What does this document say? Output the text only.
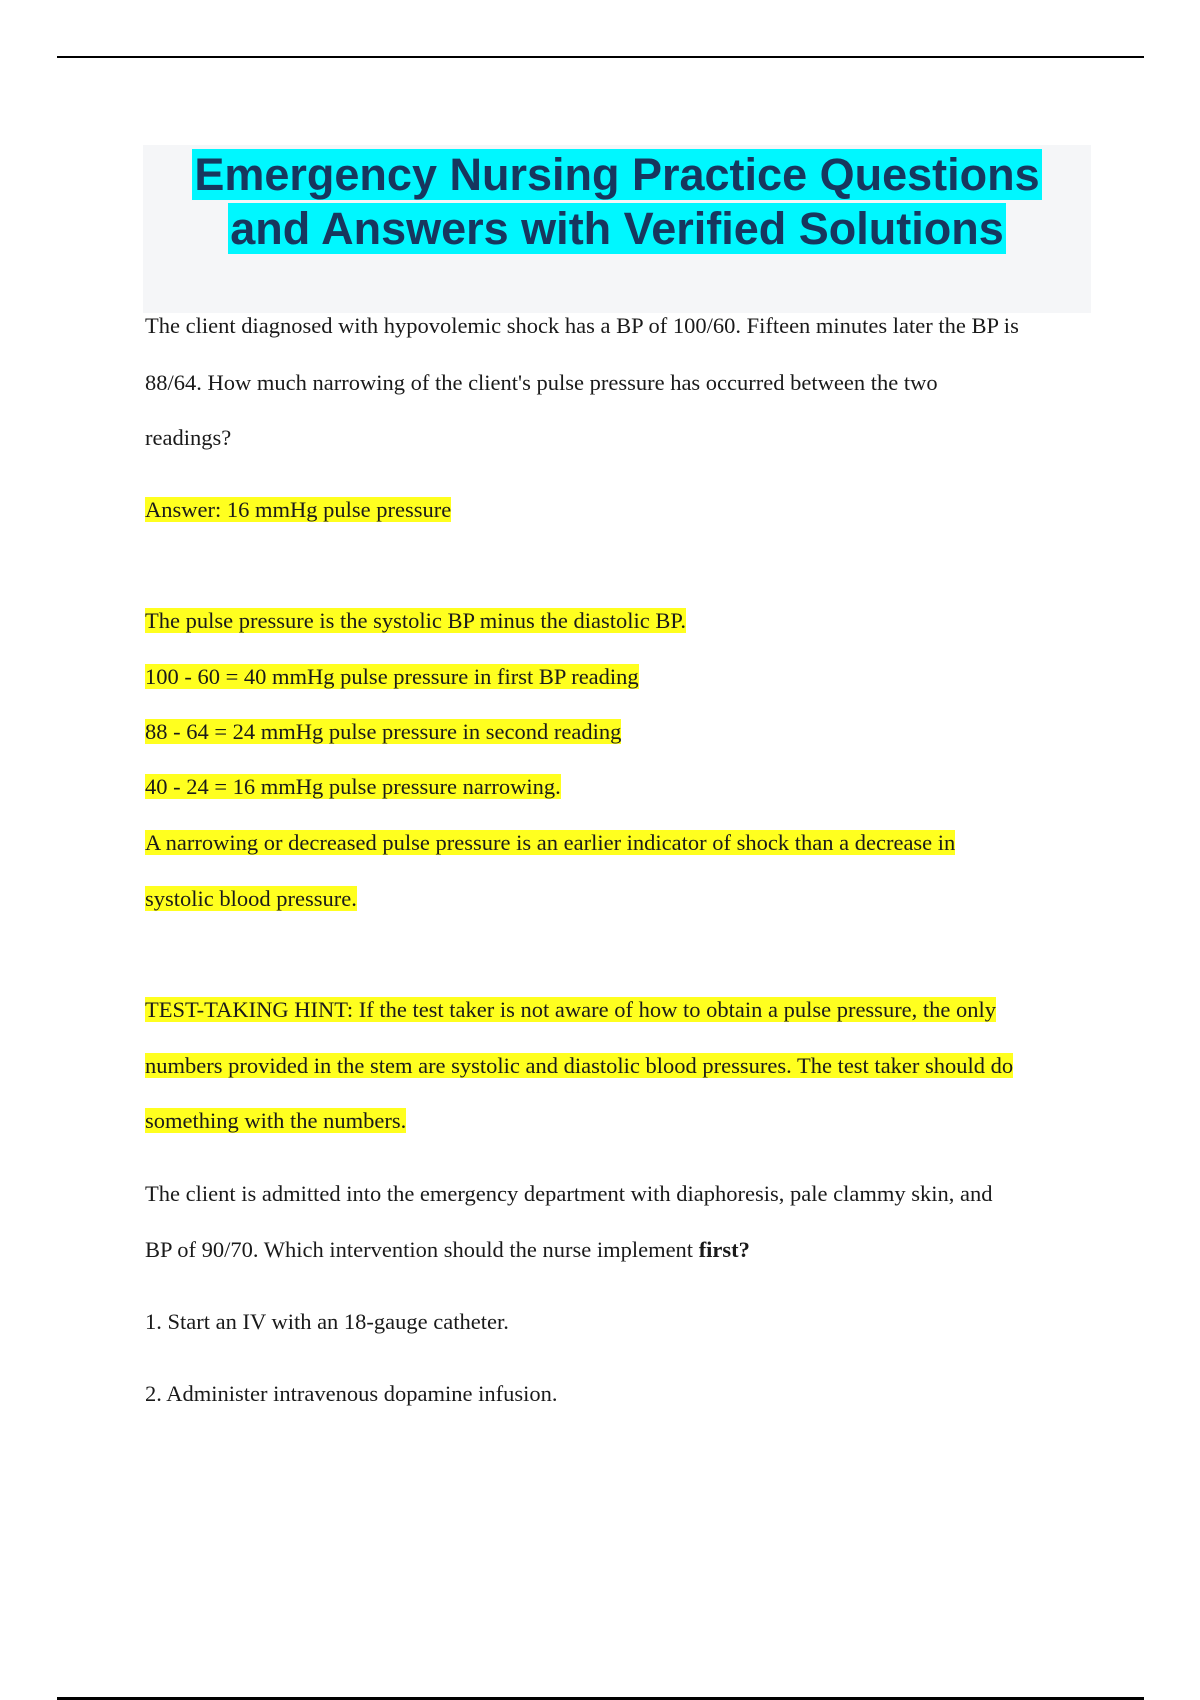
Emergency Nursing Practice Questions
and Answers with Verified Solutions

The client diagnosed with hypovolemic shock has a BP of 100/60. Fifteen minutes later the BP is

88/64. How much narrowing of the client's pulse pressure has occurred between the two

readings?

Answer: 16 mmHg pulse pressure

The pulse pressure is the systolic BP minus the diastolic BP.

100 - 60 = 40 mmHg pulse pressure in first BP reading

88 - 64 = 24 mmHg pulse pressure in second reading

40 - 24 = 16 mmHg pulse pressure narrowing.

A narrowing or decreased pulse pressure is an earlier indicator of shock than a decrease in

systolic blood pressure.

TEST-TAKING HINT: If the test taker is not aware of how to obtain a pulse pressure, the only

numbers provided in the stem are systolic and diastolic blood pressures. The test taker should do

something with the numbers.

The client is admitted into the emergency department with diaphoresis, pale clammy skin, and

BP of 90/70. Which intervention should the nurse implement first?

1. Start an IV with an 18-gauge catheter.

2. Administer intravenous dopamine infusion.
